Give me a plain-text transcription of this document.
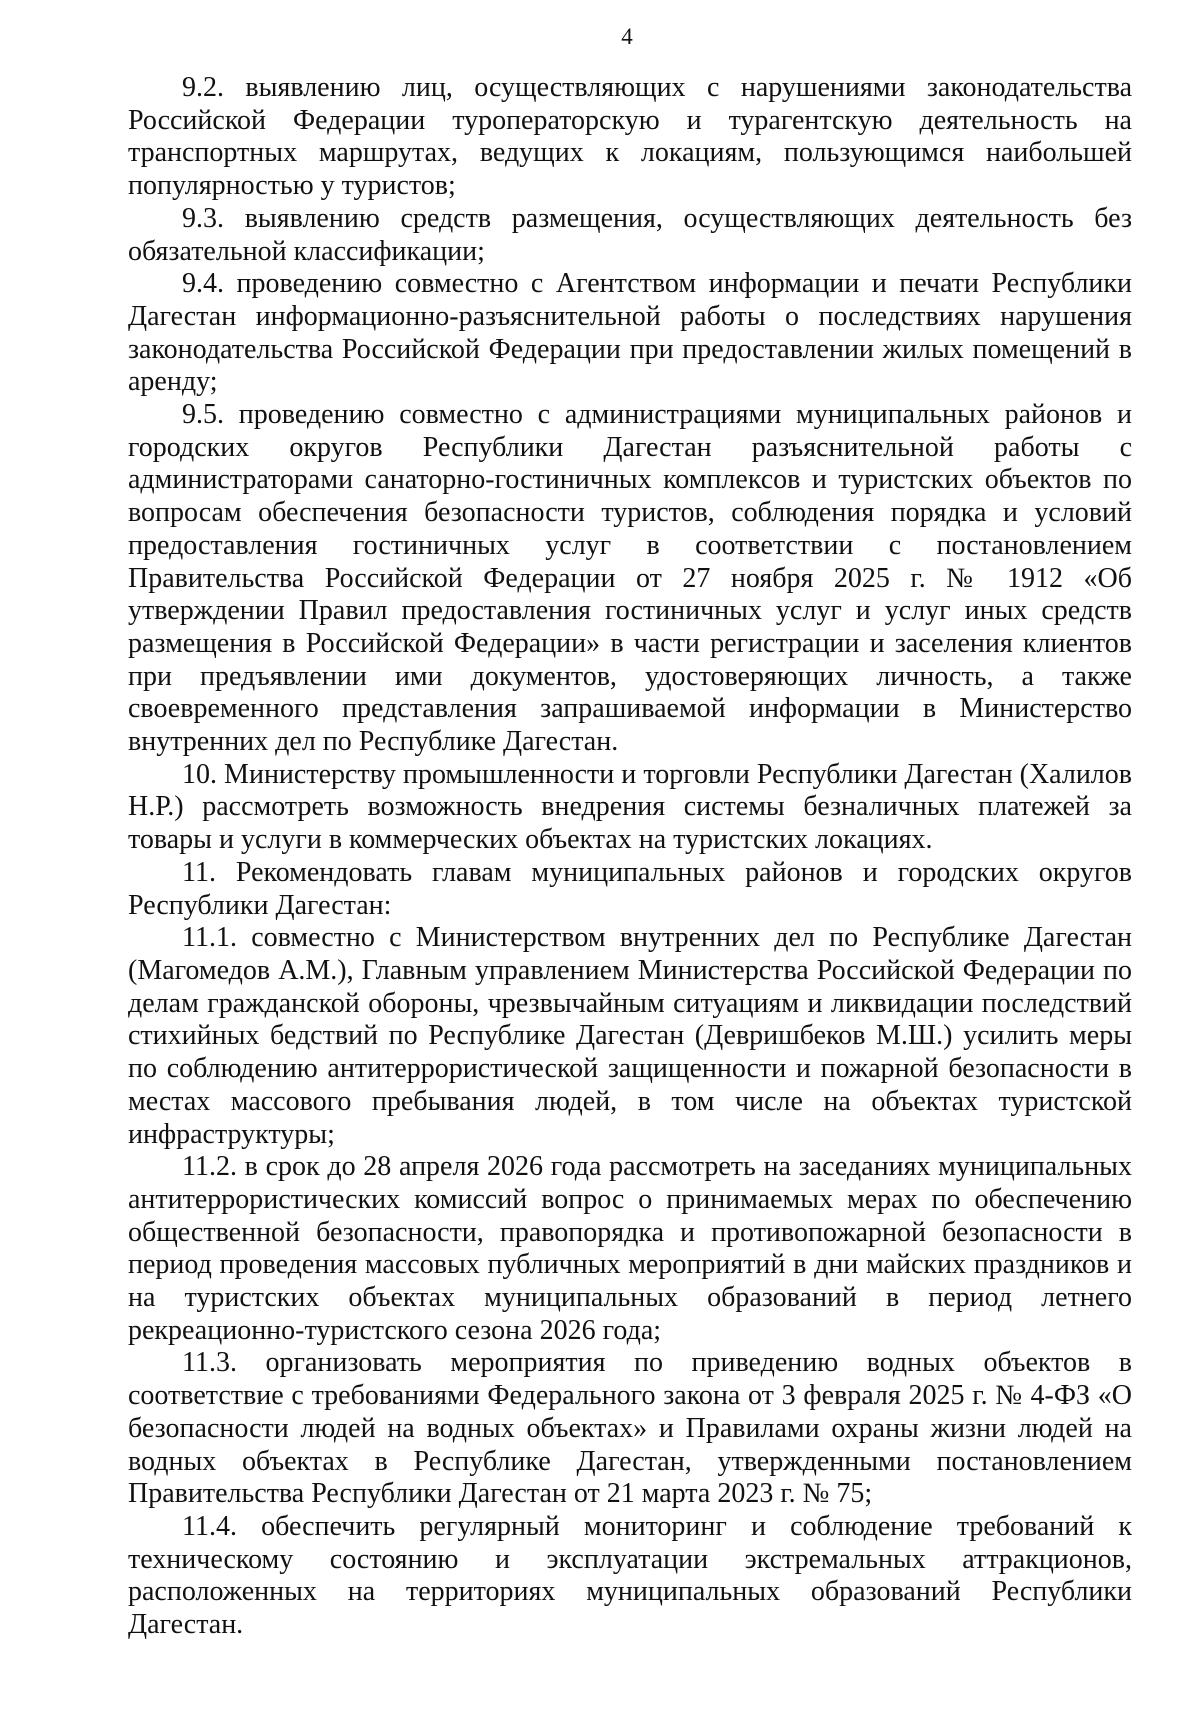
4

9.2. выявлению лиц, осуществляющих с нарушениями законодательства Российской Федерации туроператорскую и турагентскую деятельность на транспортных маршрутах, ведущих к локациям, пользующимся наибольшей популярностью у туристов;

9.3. выявлению средств размещения, осуществляющих деятельность без обязательной классификации;

9.4. проведению совместно с Агентством информации и печати Республики Дагестан информационно-разъяснительной работы о последствиях нарушения законодательства Российской Федерации при предоставлении жилых помещений в аренду;

9.5. проведению совместно с администрациями муниципальных районов и городских округов Республики Дагестан разъяснительной работы с администраторами санаторно-гостиничных комплексов и туристских объектов по вопросам обеспечения безопасности туристов, соблюдения порядка и условий предоставления гостиничных услуг в соответствии с постановлением Правительства Российской Федерации от 27 ноября 2025 г. № 1912 «Об утверждении Правил предоставления гостиничных услуг и услуг иных средств размещения в Российской Федерации» в части регистрации и заселения клиентов при предъявлении ими документов, удостоверяющих личность, а также своевременного представления запрашиваемой информации в Министерство внутренних дел по Республике Дагестан.

10. Министерству промышленности и торговли Республики Дагестан (Халилов Н.Р.) рассмотреть возможность внедрения системы безналичных платежей за товары и услуги в коммерческих объектах на туристских локациях.

11. Рекомендовать главам муниципальных районов и городских округов Республики Дагестан:

11.1. совместно с Министерством внутренних дел по Республике Дагестан (Магомедов А.М.), Главным управлением Министерства Российской Федерации по делам гражданской обороны, чрезвычайным ситуациям и ликвидации последствий стихийных бедствий по Республике Дагестан (Девришбеков М.Ш.) усилить меры по соблюдению антитеррористической защищенности и пожарной безопасности в местах массового пребывания людей, в том числе на объектах туристской инфраструктуры;

11.2. в срок до 28 апреля 2026 года рассмотреть на заседаниях муниципальных антитеррористических комиссий вопрос о принимаемых мерах по обеспечению общественной безопасности, правопорядка и противопожарной безопасности в период проведения массовых публичных мероприятий в дни майских праздников и на туристских объектах муниципальных образований в период летнего рекреационно-туристского сезона 2026 года;

11.3. организовать мероприятия по приведению водных объектов в соответствие с требованиями Федерального закона от 3 февраля 2025 г. № 4-ФЗ «О безопасности людей на водных объектах» и Правилами охраны жизни людей на водных объектах в Республике Дагестан, утвержденными постановлением Правительства Республики Дагестан от 21 марта 2023 г. № 75;

11.4. обеспечить регулярный мониторинг и соблюдение требований к техническому состоянию и эксплуатации экстремальных аттракционов, расположенных на территориях муниципальных образований Республики Дагестан.
